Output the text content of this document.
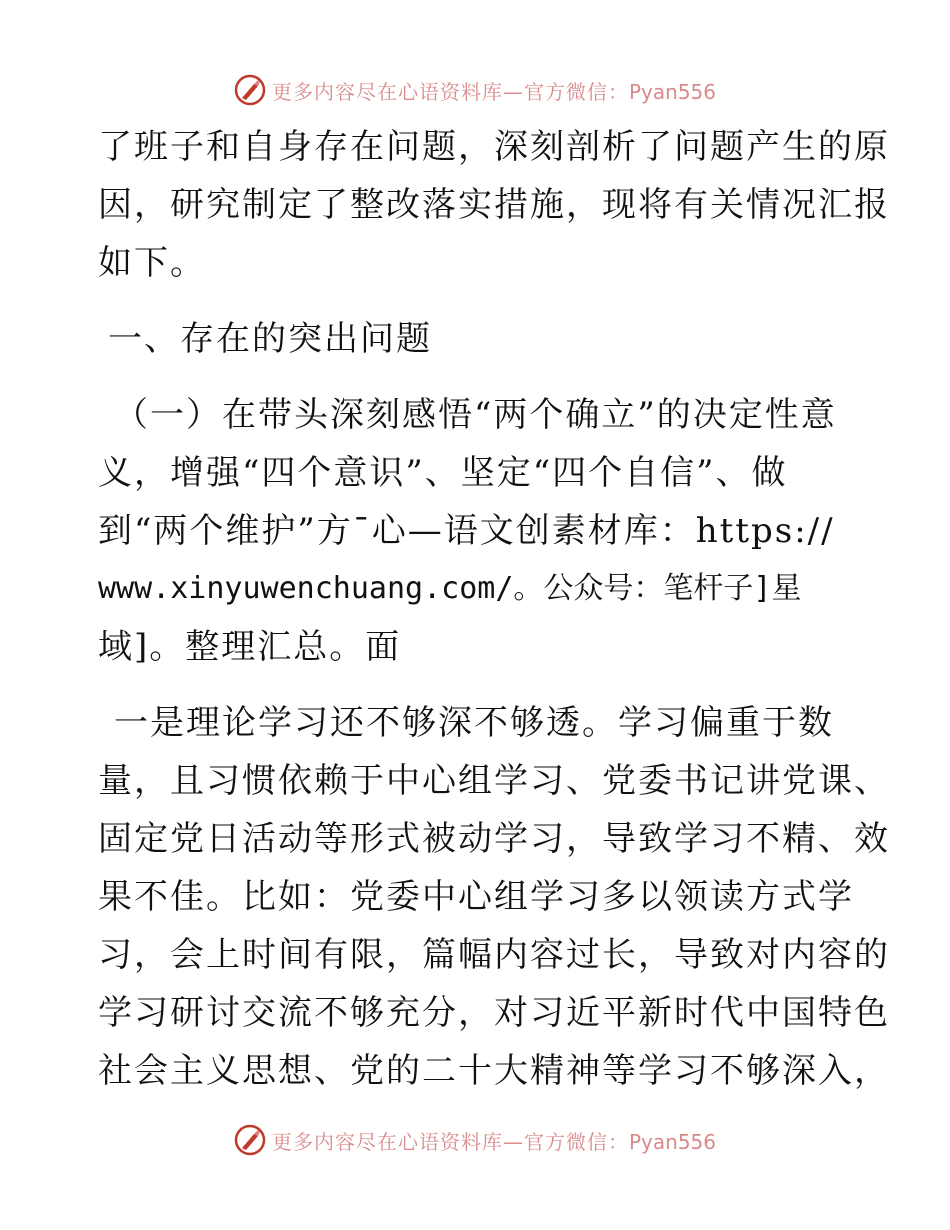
更多内容尽在心语资料库—官方微信：Pyan556
了班子和自身存在问题，深刻剖析了问题产生的原
因，研究制定了整改落实措施，现将有关情况汇报
如下。
一、存在的突出问题
（一）在带头深刻感悟“两个确立”的决定性意
义，增强“四个意识”、坚定“四个自信”、做
到“两个维护”方¯心—语文创素材库：https://
www.xinyuwenchuang.com/。公众号：笔杆子]星
域]。整理汇总。面
一是理论学习还不够深不够透。学习偏重于数
量，且习惯依赖于中心组学习、党委书记讲党课、
固定党日活动等形式被动学习，导致学习不精、效
果不佳。比如：党委中心组学习多以领读方式学
习，会上时间有限，篇幅内容过长，导致对内容的
学习研讨交流不够充分，对习近平新时代中国特色
社会主义思想、党的二十大精神等学习不够深入，
更多内容尽在心语资料库—官方微信：Pyan556
